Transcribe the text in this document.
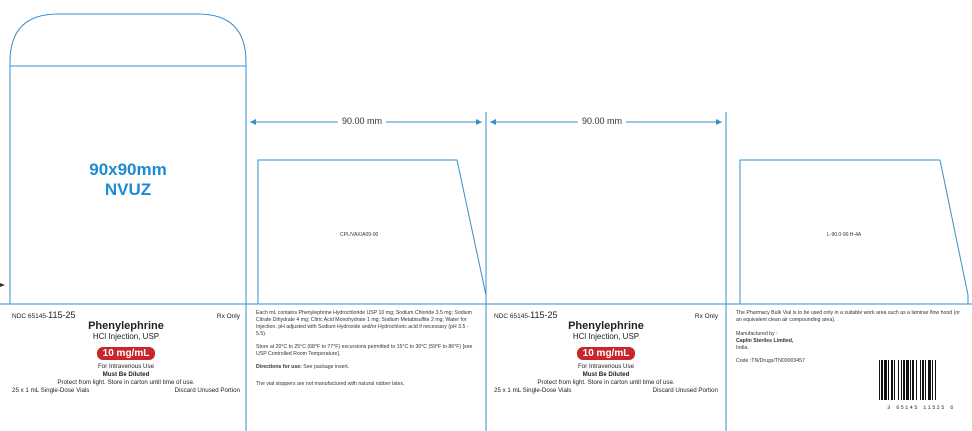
90x90mm
NVUZ
90.00 mm	90.00 mm
CPL/VAX/A09-00	L-90.0-90.H-4A
NDC 65145-115-25	Rx Only
Phenylephrine
HCl Injection, USP
10 mg/mL
For Intravenous Use
Must Be Diluted
Protect from light. Store in carton until time of use.
25 x 1 mL Single-Dose Vials	Discard Unused Portion
Each mL contains Phenylephrine Hydrochloride USP 10 mg; Sodium Chloride 3.5 mg; Sodium Citrate Dihydrate 4 mg; Citric Acid Monohydrate 1 mg; Sodium Metabisulfite 2 mg; Water for Injection. pH adjusted with Sodium Hydroxide and/or Hydrochloric acid if necessary (pH 3.5 - 5.5).
Store at 20°C to 25°C (68°F to 77°F) excursions permitted to 15°C to 30°C (59°F to 86°F) [see USP Controlled Room Temperature].
Directions for use: See package insert.
The vial stoppers are not manufactured with natural rubber latex.
NDC 65145-115-25	Rx Only
Phenylephrine
HCl Injection, USP
10 mg/mL
For Intravenous Use
Must Be Diluted
Protect from light. Store in carton until time of use.
25 x 1 mL Single-Dose Vials	Discard Unused Portion
The Pharmacy Bulk Vial is to be used only in a suitable work area such as a laminar flow hood (or an equivalent clean air compounding area).
Manufactured by :
Caplin Steriles Limited,
India.
Code :TN/Drugs/TN00003457
3 65145 11525 6
